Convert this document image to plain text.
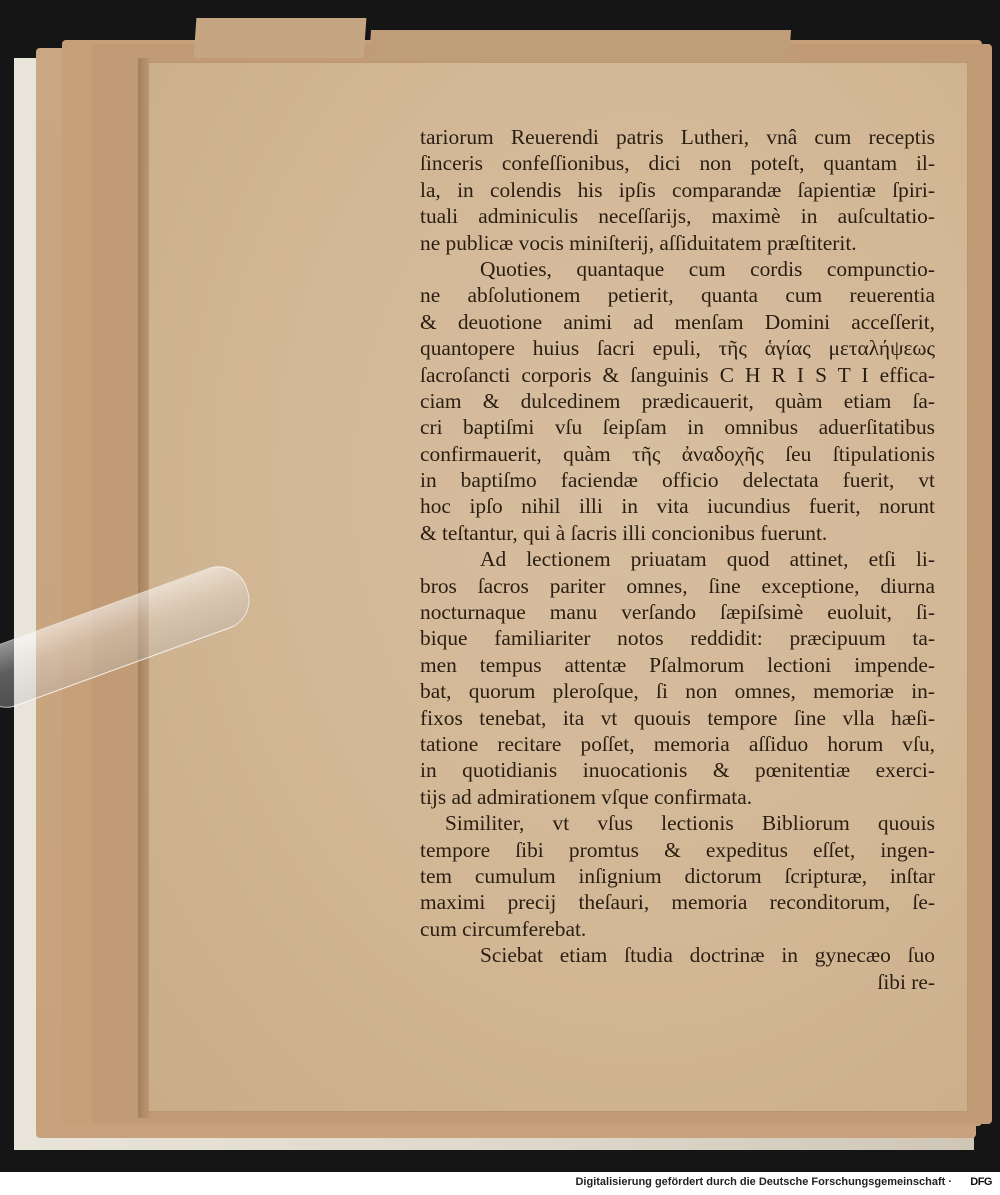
tariorum Reuerendi patris Lutheri, vnâ cum receptis
ſinceris confeſſionibus, dici non poteſt, quantam il-
la, in colendis his ipſis comparandæ ſapientiæ ſpiri-
tuali adminiculis neceſſarijs, maximè in auſcultatio-
ne publicæ vocis miniſterij, aſſiduitatem præſtiterit.
Quoties, quantaque cum cordis compunctio-
ne abſolutionem petierit, quanta cum reuerentia
& deuotione animi ad menſam Domini acceſſerit,
quantopere huius ſacri epuli, τῆς ἁγίας μεταλήψεως
ſacroſancti corporis & ſanguinis C H R I S T I effica-
ciam & dulcedinem prædicauerit, quàm etiam ſa-
cri baptiſmi vſu ſeipſam in omnibus aduerſitatibus
confirmauerit, quàm τῆς ἀναδοχῆς ſeu ſtipulationis
in baptiſmo faciendæ officio delectata fuerit, vt
hoc ipſo nihil illi in vita iucundius fuerit, norunt
& teſtantur, qui à ſacris illi concionibus fuerunt.
Ad lectionem priuatam quod attinet, etſi li-
bros ſacros pariter omnes, ſine exceptione, diurna
nocturnaque manu verſando ſæpiſsimè euoluit, ſi-
bique familiariter notos reddidit: præcipuum ta-
men tempus attentæ Pſalmorum lectioni impende-
bat, quorum pleroſque, ſi non omnes, memoriæ in-
fixos tenebat, ita vt quouis tempore ſine vlla hæſi-
tatione recitare poſſet, memoria aſſiduo horum vſu,
in quotidianis inuocationis & pœnitentiæ exerci-
tijs ad admirationem vſque confirmata.
Similiter, vt vſus lectionis Bibliorum quouis
tempore ſibi promtus & expeditus eſſet, ingen-
tem cumulum inſignium dictorum ſcripturæ, inſtar
maximi precij theſauri, memoria reconditorum, ſe-
cum circumferebat.
Sciebat etiam ſtudia doctrinæ in gynecæo ſuo
ſibi re-
Digitalisierung gefördert durch die Deutsche Forschungsgemeinschaft · DFG
